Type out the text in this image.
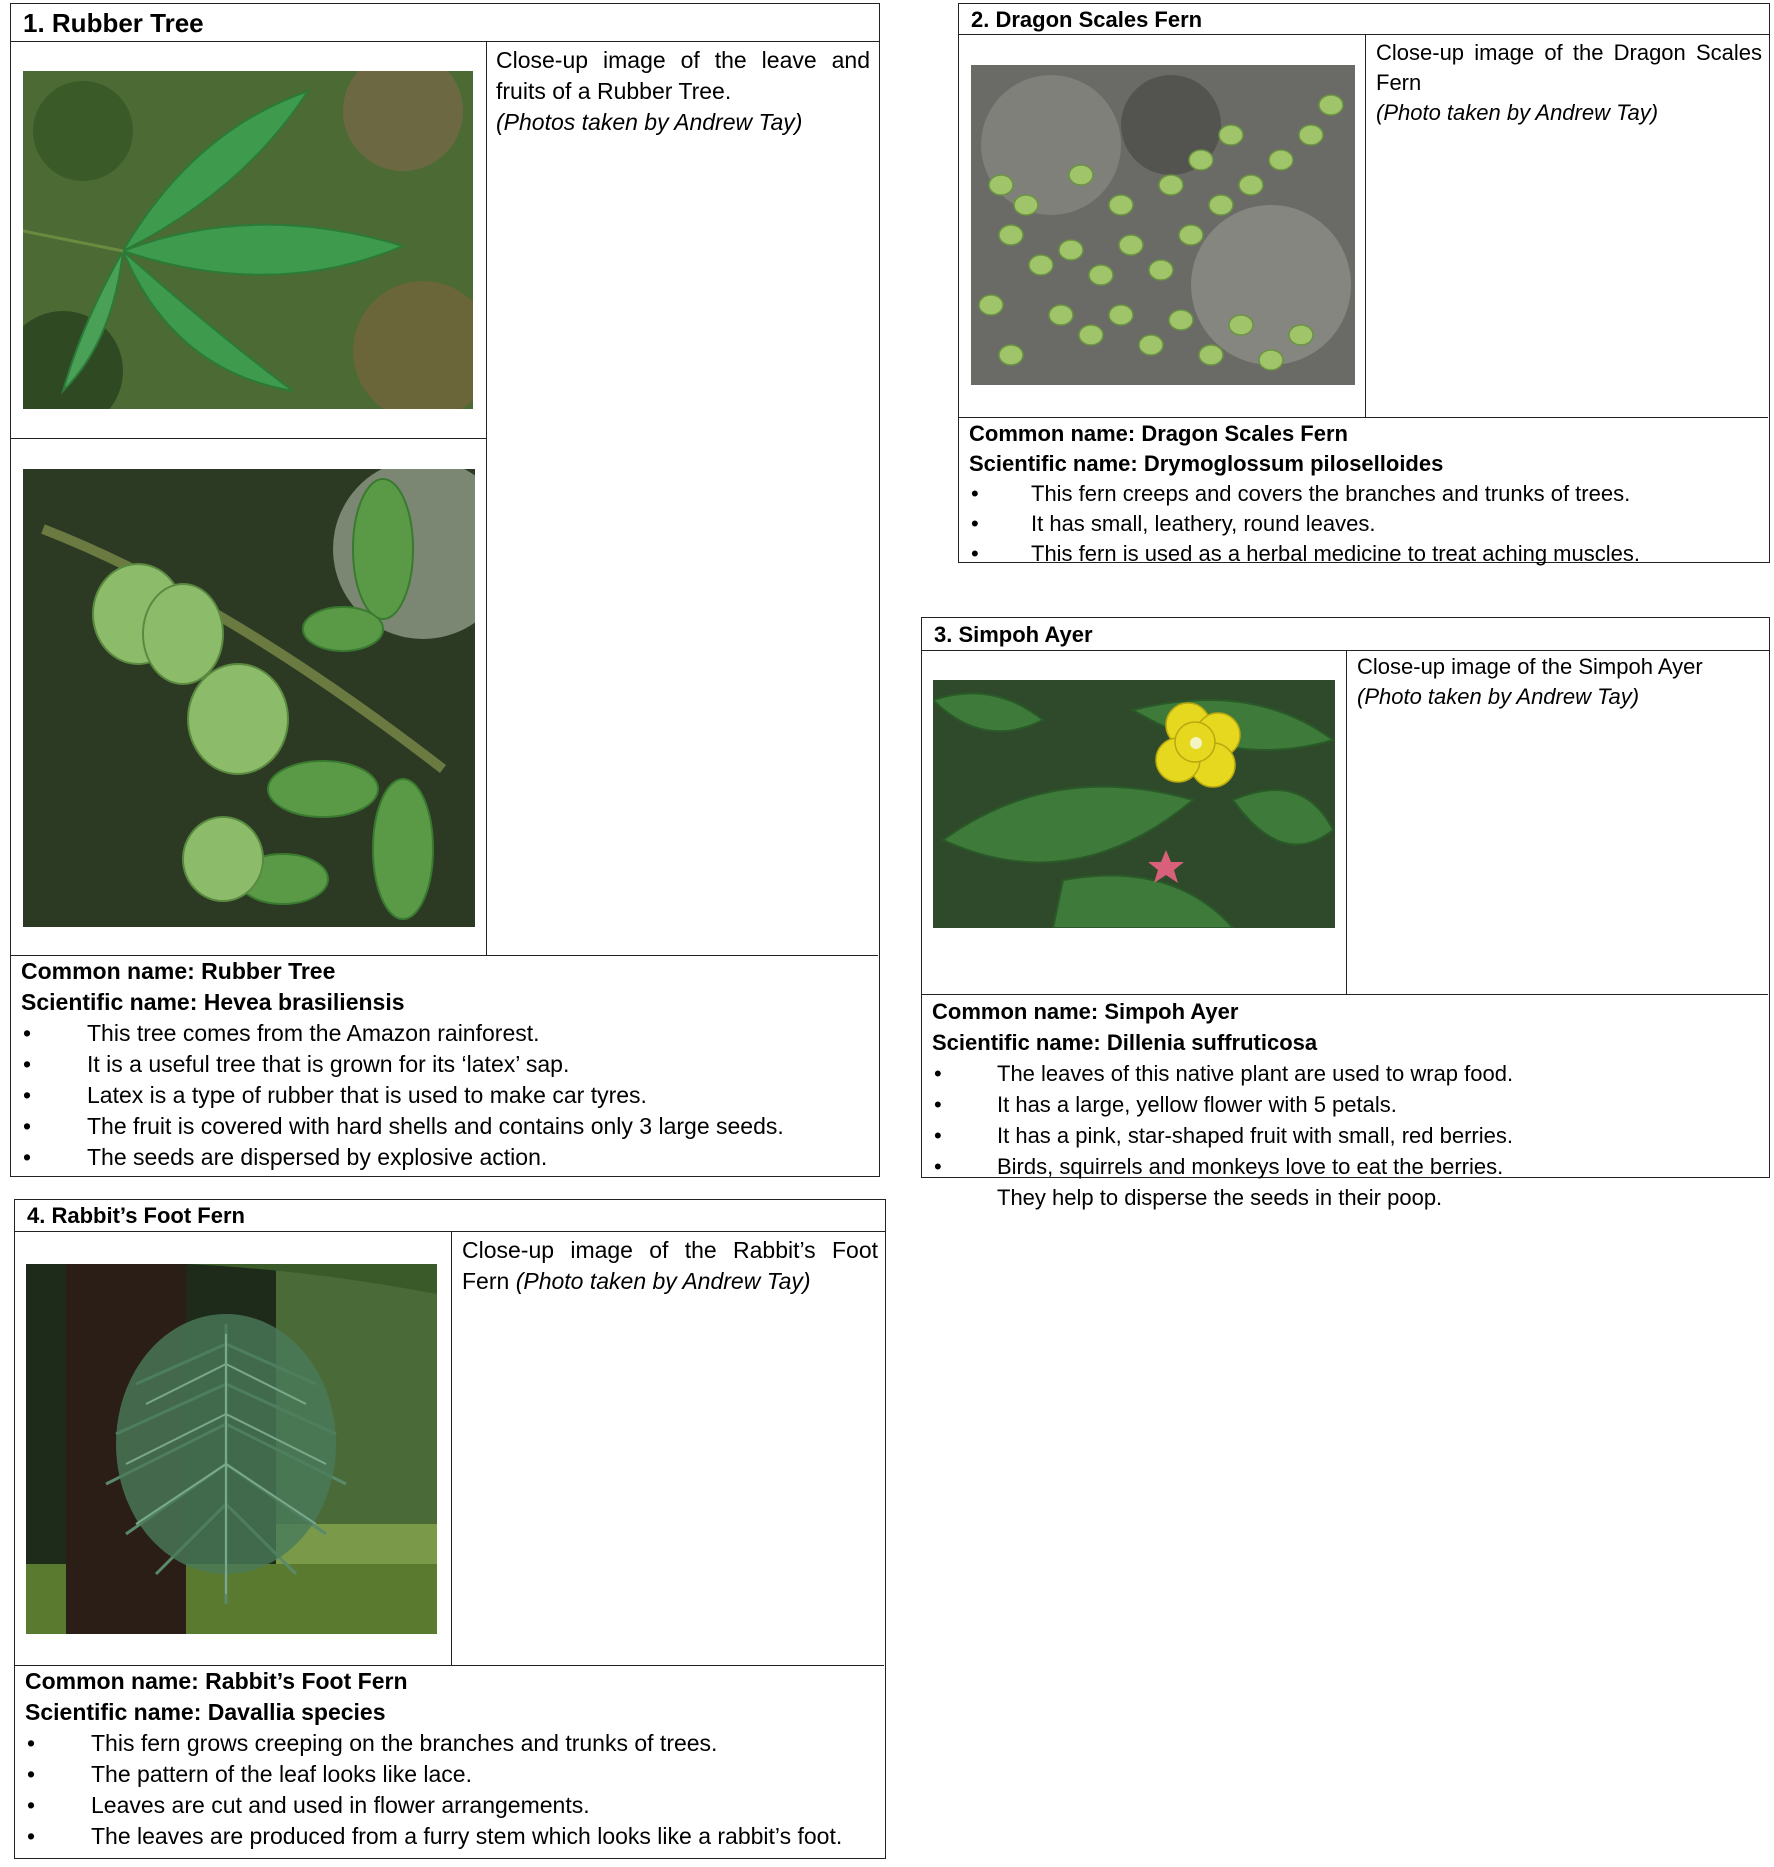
1. Rubber Tree
Close-up image of the leave and fruits of a Rubber Tree.
(Photos taken by Andrew Tay)
Common name: Rubber Tree
Scientific name: Hevea brasiliensis
• This tree comes from the Amazon rainforest.
• It is a useful tree that is grown for its ‘latex’ sap.
• Latex is a type of rubber that is used to make car tyres.
• The fruit is covered with hard shells and contains only 3 large seeds.
• The seeds are dispersed by explosive action.
2. Dragon Scales Fern
Close-up image of the Dragon Scales Fern
(Photo taken by Andrew Tay)
Common name: Dragon Scales Fern
Scientific name: Drymoglossum piloselloides
• This fern creeps and covers the branches and trunks of trees.
• It has small, leathery, round leaves.
• This fern is used as a herbal medicine to treat aching muscles.
3. Simpoh Ayer
Close-up image of the Simpoh Ayer
(Photo taken by Andrew Tay)
Common name: Simpoh Ayer
Scientific name: Dillenia suffruticosa
•	The leaves of this native plant are used to wrap food.
•	It has a large, yellow flower with 5 petals.
•	It has a pink, star-shaped fruit with small, red berries.
•	Birds, squirrels and monkeys love to eat the berries.
They help to disperse the seeds in their poop.
4. Rabbit’s Foot Fern
Close-up image of the Rabbit’s Foot Fern (Photo taken by Andrew Tay)
Common name: Rabbit’s Foot Fern
Scientific name: Davallia species
• This fern grows creeping on the branches and trunks of trees.
• The pattern of the leaf looks like lace.
• Leaves are cut and used in flower arrangements.
• The leaves are produced from a furry stem which looks like a rabbit’s foot.
